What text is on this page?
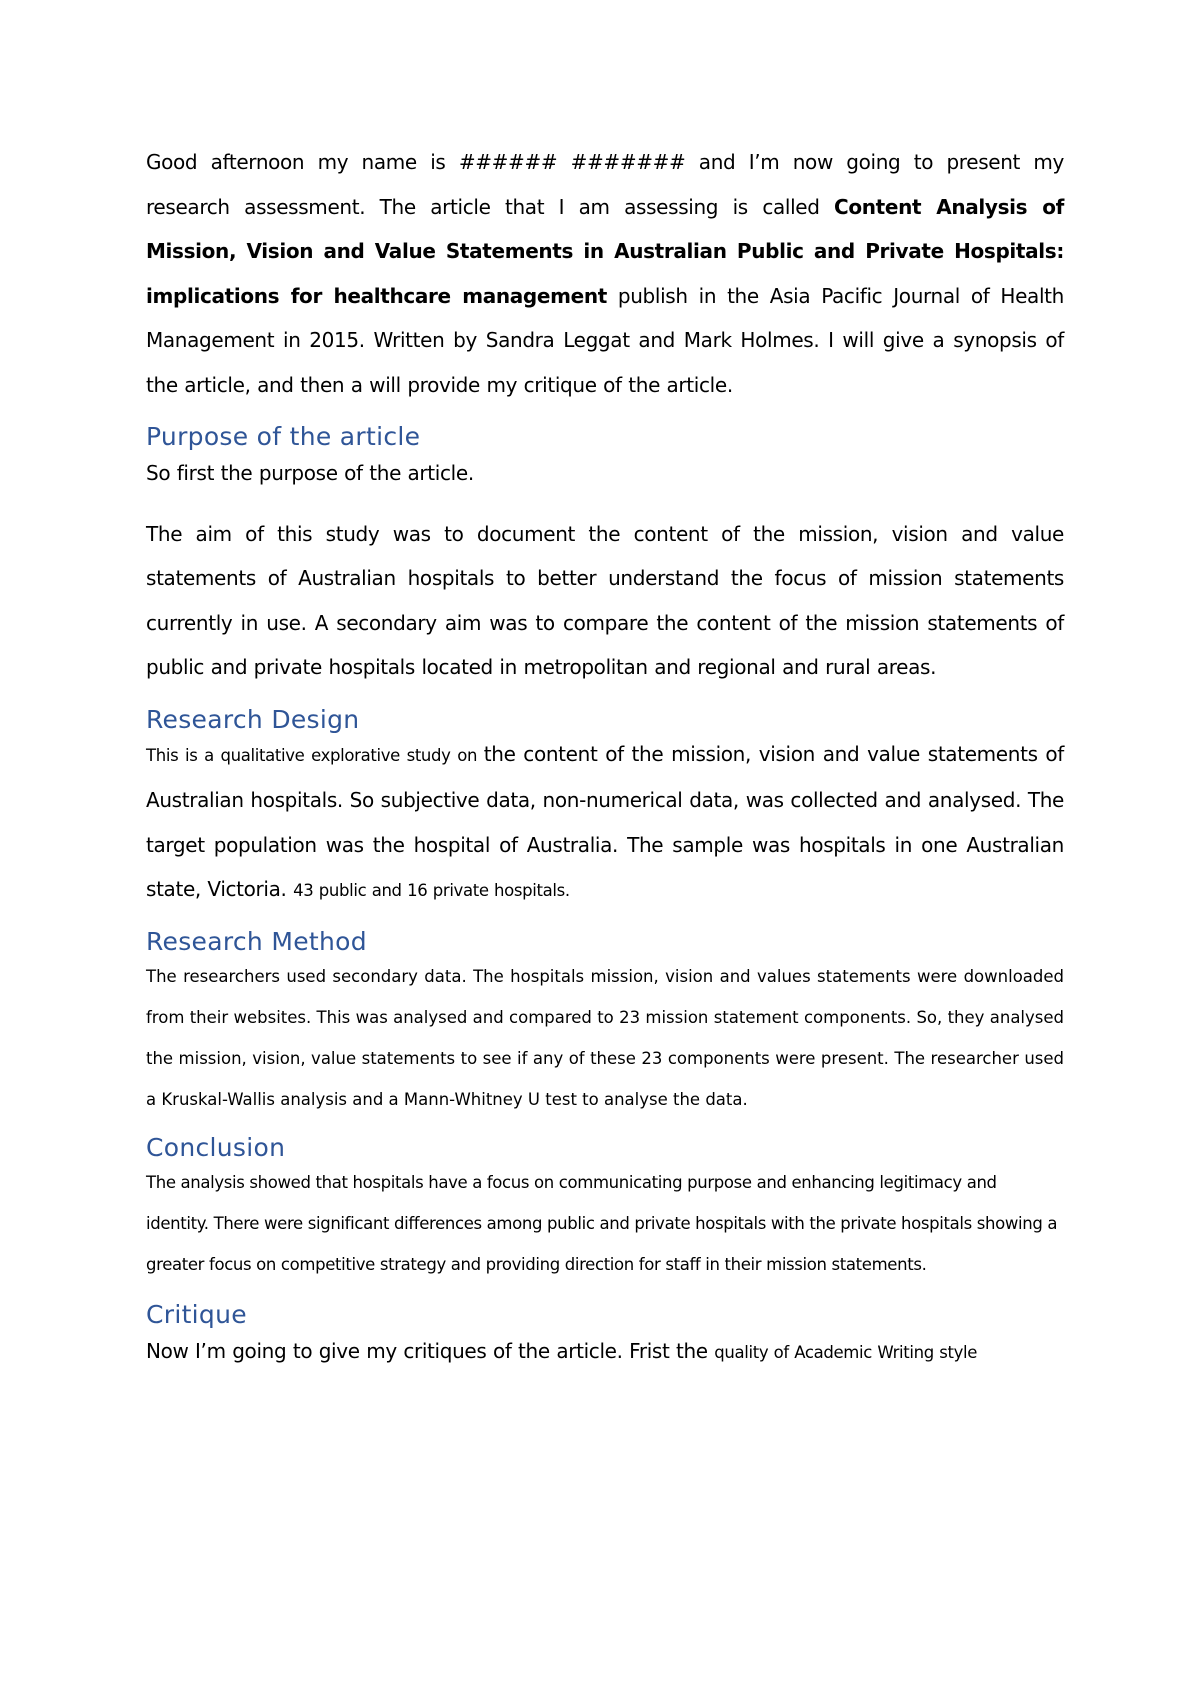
Good afternoon my name is ###### ####### and I’m now going to present my research assessment. The article that I am assessing is called Content Analysis of Mission, Vision and Value Statements in Australian Public and Private Hospitals: implications for healthcare management publish in the Asia Pacific Journal of Health Management in 2015. Written by Sandra Leggat and Mark Holmes. I will give a synopsis of the article, and then a will provide my critique of the article.

Purpose of the article

So first the purpose of the article.

The aim of this study was to document the content of the mission, vision and value statements of Australian hospitals to better understand the focus of mission statements currently in use. A secondary aim was to compare the content of the mission statements of public and private hospitals located in metropolitan and regional and rural areas.

Research Design

This is a qualitative explorative study on the content of the mission, vision and value statements of Australian hospitals. So subjective data, non-numerical data, was collected and analysed. The target population was the hospital of Australia. The sample was hospitals in one Australian state, Victoria. 43 public and 16 private hospitals.

Research Method

The researchers used secondary data. The hospitals mission, vision and values statements were downloaded from their websites. This was analysed and compared to 23 mission statement components. So, they analysed the mission, vision, value statements to see if any of these 23 components were present. The researcher used a Kruskal-Wallis analysis and a Mann-Whitney U test to analyse the data.

Conclusion

The analysis showed that hospitals have a focus on communicating purpose and enhancing legitimacy and identity. There were significant differences among public and private hospitals with the private hospitals showing a greater focus on competitive strategy and providing direction for staff in their mission statements.

Critique

Now I’m going to give my critiques of the article. Frist the quality of Academic Writing style
